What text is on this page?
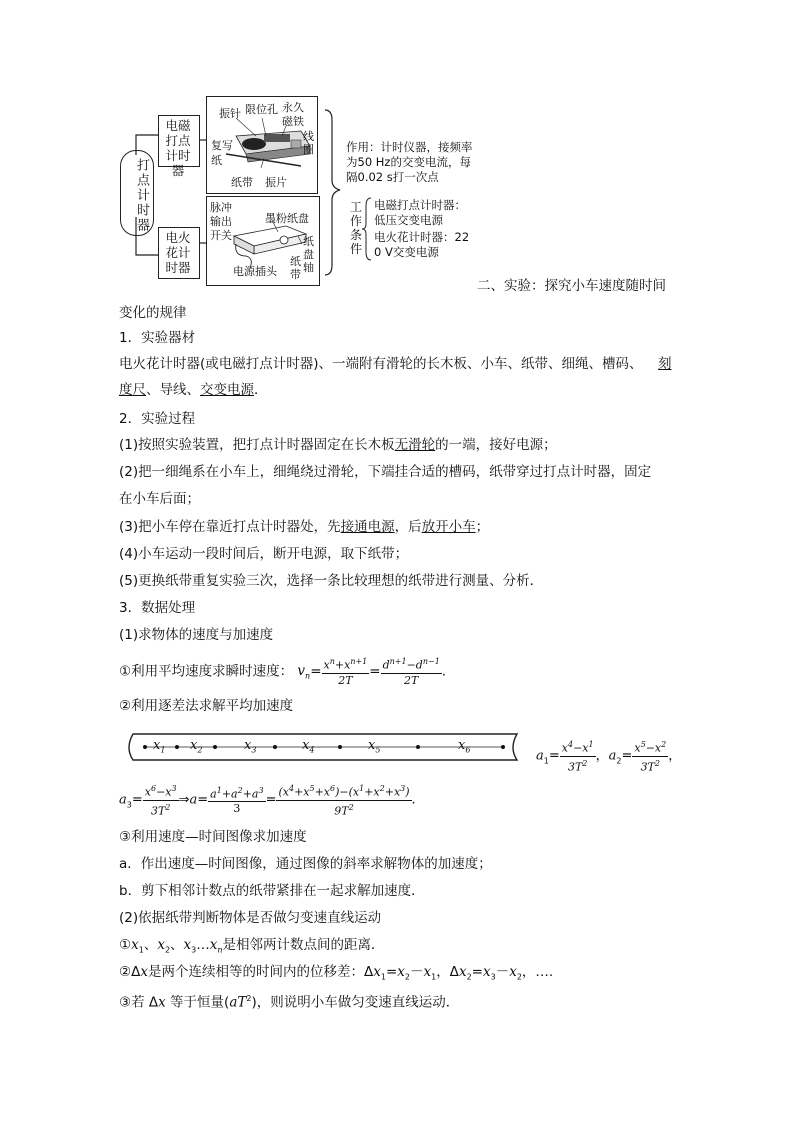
打点计时器
电磁打点计时器
电火花计时器
振针 限位孔 永久磁铁
线圈
复写纸
纸带 振片
脉冲输出开关
墨粉纸盘
纸盘轴
纸带
电源插头
作用：计时仪器，接频率为50 Hz的交变电流，每隔0.02 s打一次点
工作条件
电磁打点计时器：低压交变电源
电火花计时器：220 V交变电源
二、实验：探究小车速度随时间变化的规律
1．实验器材
电火花计时器(或电磁打点计时器)、一端附有滑轮的长木板、小车、纸带、细绳、槽码、 刻
度尺、导线、交变电源．
2．实验过程
(1)按照实验装置，把打点计时器固定在长木板无滑轮的一端，接好电源；
(2)把一细绳系在小车上，细绳绕过滑轮，下端挂合适的槽码，纸带穿过打点计时器，固定
在小车后面；
(3)把小车停在靠近打点计时器处，先接通电源，后放开小车；
(4)小车运动一段时间后，断开电源，取下纸带；
(5)更换纸带重复实验三次，选择一条比较理想的纸带进行测量、分析．
3．数据处理
(1)求物体的速度与加速度
①利用平均速度求瞬时速度： $v_n= \frac{x^n+x^{n+1}}{2T} = \frac{d^{n+1}-d^{n-1}}{2T}$ .
②利用逐差法求解平均加速度
$x_1$ $x_2$	$x_3$	$x_4$	$x_5$	$x_6$	$a_1= \frac{x^4-x^1}{3T^2}$ ，$a_2= \frac{x^5-x^2}{3T^2}$ ，
$a_3= \frac{x^6-x^3}{3T^2}$ ⇒a= $\frac{a^1+a^2+a^3}{3} = \frac{(x^4+x^5+x^6)-(x^1+x^2+x^3)}{9T^2}$ .
③利用速度—时间图像求加速度
a．作出速度—时间图像，通过图像的斜率求解物体的加速度；
b．剪下相邻计数点的纸带紧排在一起求解加速度．
(2)依据纸带判断物体是否做匀变速直线运动
$①x_1$、$x_2$、$x_3\dots x_n$是相邻两计数点间的距离．
②Δx是两个连续相等的时间内的位移差：$\Delta x_1=x_2-x_1$，$\Delta x_2=x_3-x_2$，….
③若 Δx 等于恒量$(aT^2)$，则说明小车做匀变速直线运动．
